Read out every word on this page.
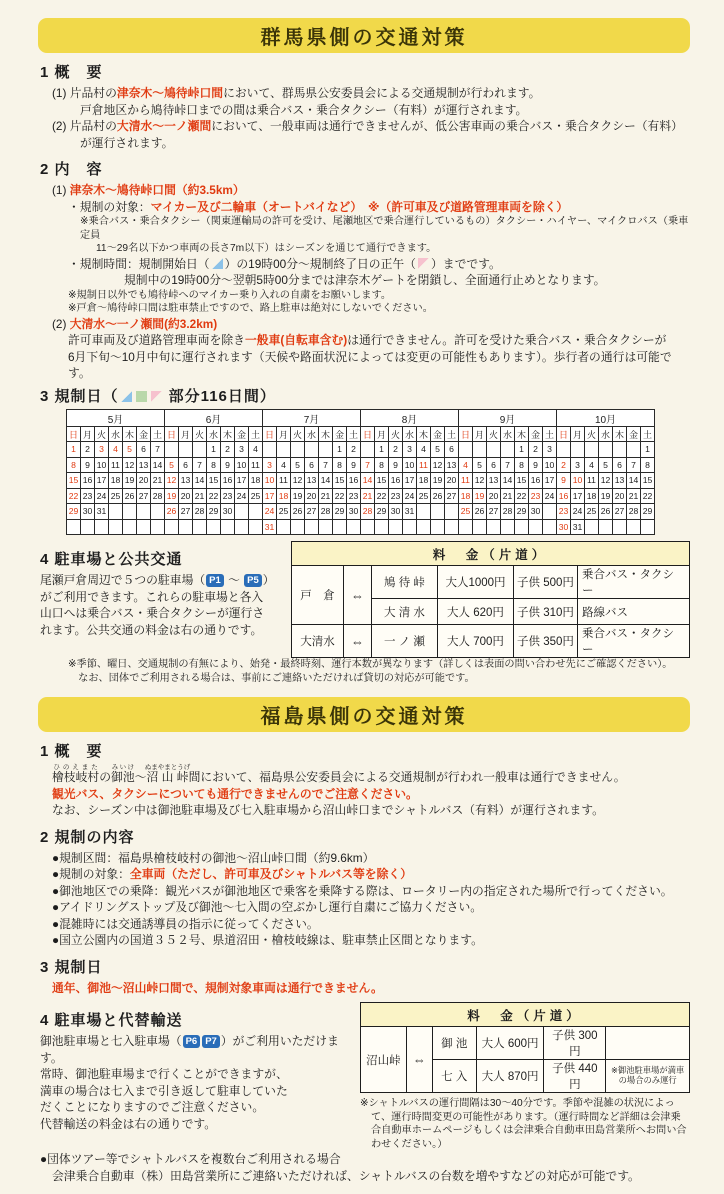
群馬県側の交通対策
1 概　要
(1) 片品村の津奈木～鳩待峠口間において、群馬県公安委員会による交通規制が行われます。
戸倉地区から鳩待峠口までの間は乗合バス・乗合タクシー（有料）が運行されます。
(2) 片品村の大清水～一ノ瀬間において、一般車両は通行できませんが、低公害車両の乗合バス・乗合タクシー（有料）
が運行されます。
2 内　容
(1) 津奈木～鳩待峠口間（約3.5km）
・規制の対象：マイカー及び二輪車（オートバイなど）　※（許可車及び道路管理車両を除く）
※乗合バス・乗合タクシー（関東運輸局の許可を受け、尾瀬地区で乗合運行しているもの）タクシー・ハイヤー、マイクロバス（乗車定員
11～29名以下かつ車両の長さ7m以下）はシーズンを通じて通行できます。
・規制時間：規制開始日（ ）の19時00分～規制終了日の正午（ ）までです。
規制中の19時00分～翌朝5時00分までは津奈木ゲートを閉鎖し、全面通行止めとなります。
※規制日以外でも鳩待峠へのマイカー乗り入れの自粛をお願いします。
※戸倉～鳩待峠口間は駐車禁止ですので、路上駐車は絶対にしないでください。
(2) 大清水～一ノ瀬間(約3.2km)
許可車両及び道路管理車両を除き一般車(自転車含む)は通行できません。許可を受けた乗合バス・乗合タクシーが
6月下旬～10月中旬に運行されます（天候や路面状況によっては変更の可能性もあります）。歩行者の通行は可能です。
3 規制日（	部分116日間）
5月						
日	月	火	水	木	金	土
1	2	3	4	5	6	7
8	9	10	11	12	13	14
15	16	17	18	19	20	21
22	23	24	25	26	27	28
29	30	31				

6月						
日	月	火	水	木	金	土
			1	2	3	4
5	6	7	8	9	10	11
12	13	14	15	16	17	18
19	20	21	22	23	24	25
26	27	28	29	30		

7月						
日	月	火	水	木	金	土
					1	2
3	4	5	6	7	8	9
10	11	12	13	14	15	16
17	18	19	20	21	22	23
24	25	26	27	28	29	30
31						
8月						
日	月	火	水	木	金	土
	1	2	3	4	5	6
7	8	9	10	11	12	13
14	15	16	17	18	19	20
21	22	23	24	25	26	27
28	29	30	31			

9月						
日	月	火	水	木	金	土
				1	2	3
4	5	6	7	8	9	10
11	12	13	14	15	16	17
18	19	20	21	22	23	24
25	26	27	28	29	30	

10月						
日	月	火	水	木	金	土
						1
2	3	4	5	6	7	8
9	10	11	12	13	14	15
16	17	18	19	20	21	22
23	24	25	26	27	28	29
30	31					
4 駐車場と公共交通
尾瀬戸倉周辺で５つの駐車場（ P1 ～ P5 ）
がご利用できます。これらの駐車場と各入
山口へは乗合バス・乗合タクシーが運行さ
れます。公共交通の料金は右の通りです。
料　金（片道）					
戸　倉	⇔	鳩 待 峠	大人1000円	子供 500円	乗合バス・タクシー
		大 清 水	大人 620円	子供 310円	路線バス
大清水	⇔	一 ノ 瀬	大人 700円	子供 350円	乗合バス・タクシー
※季節、曜日、交通規制の有無により、始発・最終時刻、運行本数が異なります（詳しくは表面の問い合わせ先にご確認ください）。
　なお、団体でご利用される場合は、事前にご連絡いただければ貸切の対応が可能です。
福島県側の交通対策
1 概　要
檜枝岐村ひのえまたの御池みいけ～沼山峠ぬまやまとうげ間において、福島県公安委員会による交通規制が行われ一般車は通行できません。
観光バス、タクシーについても通行できませんのでご注意ください。
なお、シーズン中は御池駐車場及び七入駐車場から沼山峠口までシャトルバス（有料）が運行されます。
2 規制の内容
●規制区間：福島県檜枝岐村の御池～沼山峠口間（約9.6km）
●規制の対象：全車両（ただし、許可車及びシャトルバス等を除く）
●御池地区での乗降：観光バスが御池地区で乗客を乗降する際は、ロータリー内の指定された場所で行ってください。
●アイドリングストップ及び御池～七入間の空ぶかし運行自粛にご協力ください。
●混雑時には交通誘導員の指示に従ってください。
●国立公園内の国道３５２号、県道沼田・檜枝岐線は、駐車禁止区間となります。
3 規制日
通年、御池～沼山峠口間で、規制対象車両は通行できません。
4 駐車場と代替輸送
御池駐車場と七入駐車場（ P6 P7 ）がご利用いただけます。
常時、御池駐車場まで行くことができますが、
満車の場合は七入まで引き返して駐車していた
だくことになりますのでご注意ください。
代替輸送の料金は右の通りです。
料　金（片道）					
沼山峠	⇔	御 池	大人 600円	子供 300円	
		七 入	大人 870円	子供 440円	※御池駐車場が満車の場合のみ運行
※シャトルバスの運行間隔は30～40分です。季節や混雑の状況によって、運行時間変更の可能性があります。（運行時間など詳細は会津乗合自動車ホームページもしくは会津乗合自動車田島営業所へお問い合わせください。）
●団体ツアー等でシャトルバスを複数台ご利用される場合
会津乗合自動車（株）田島営業所にご連絡いただければ、シャトルバスの台数を増やすなどの対応が可能です。
